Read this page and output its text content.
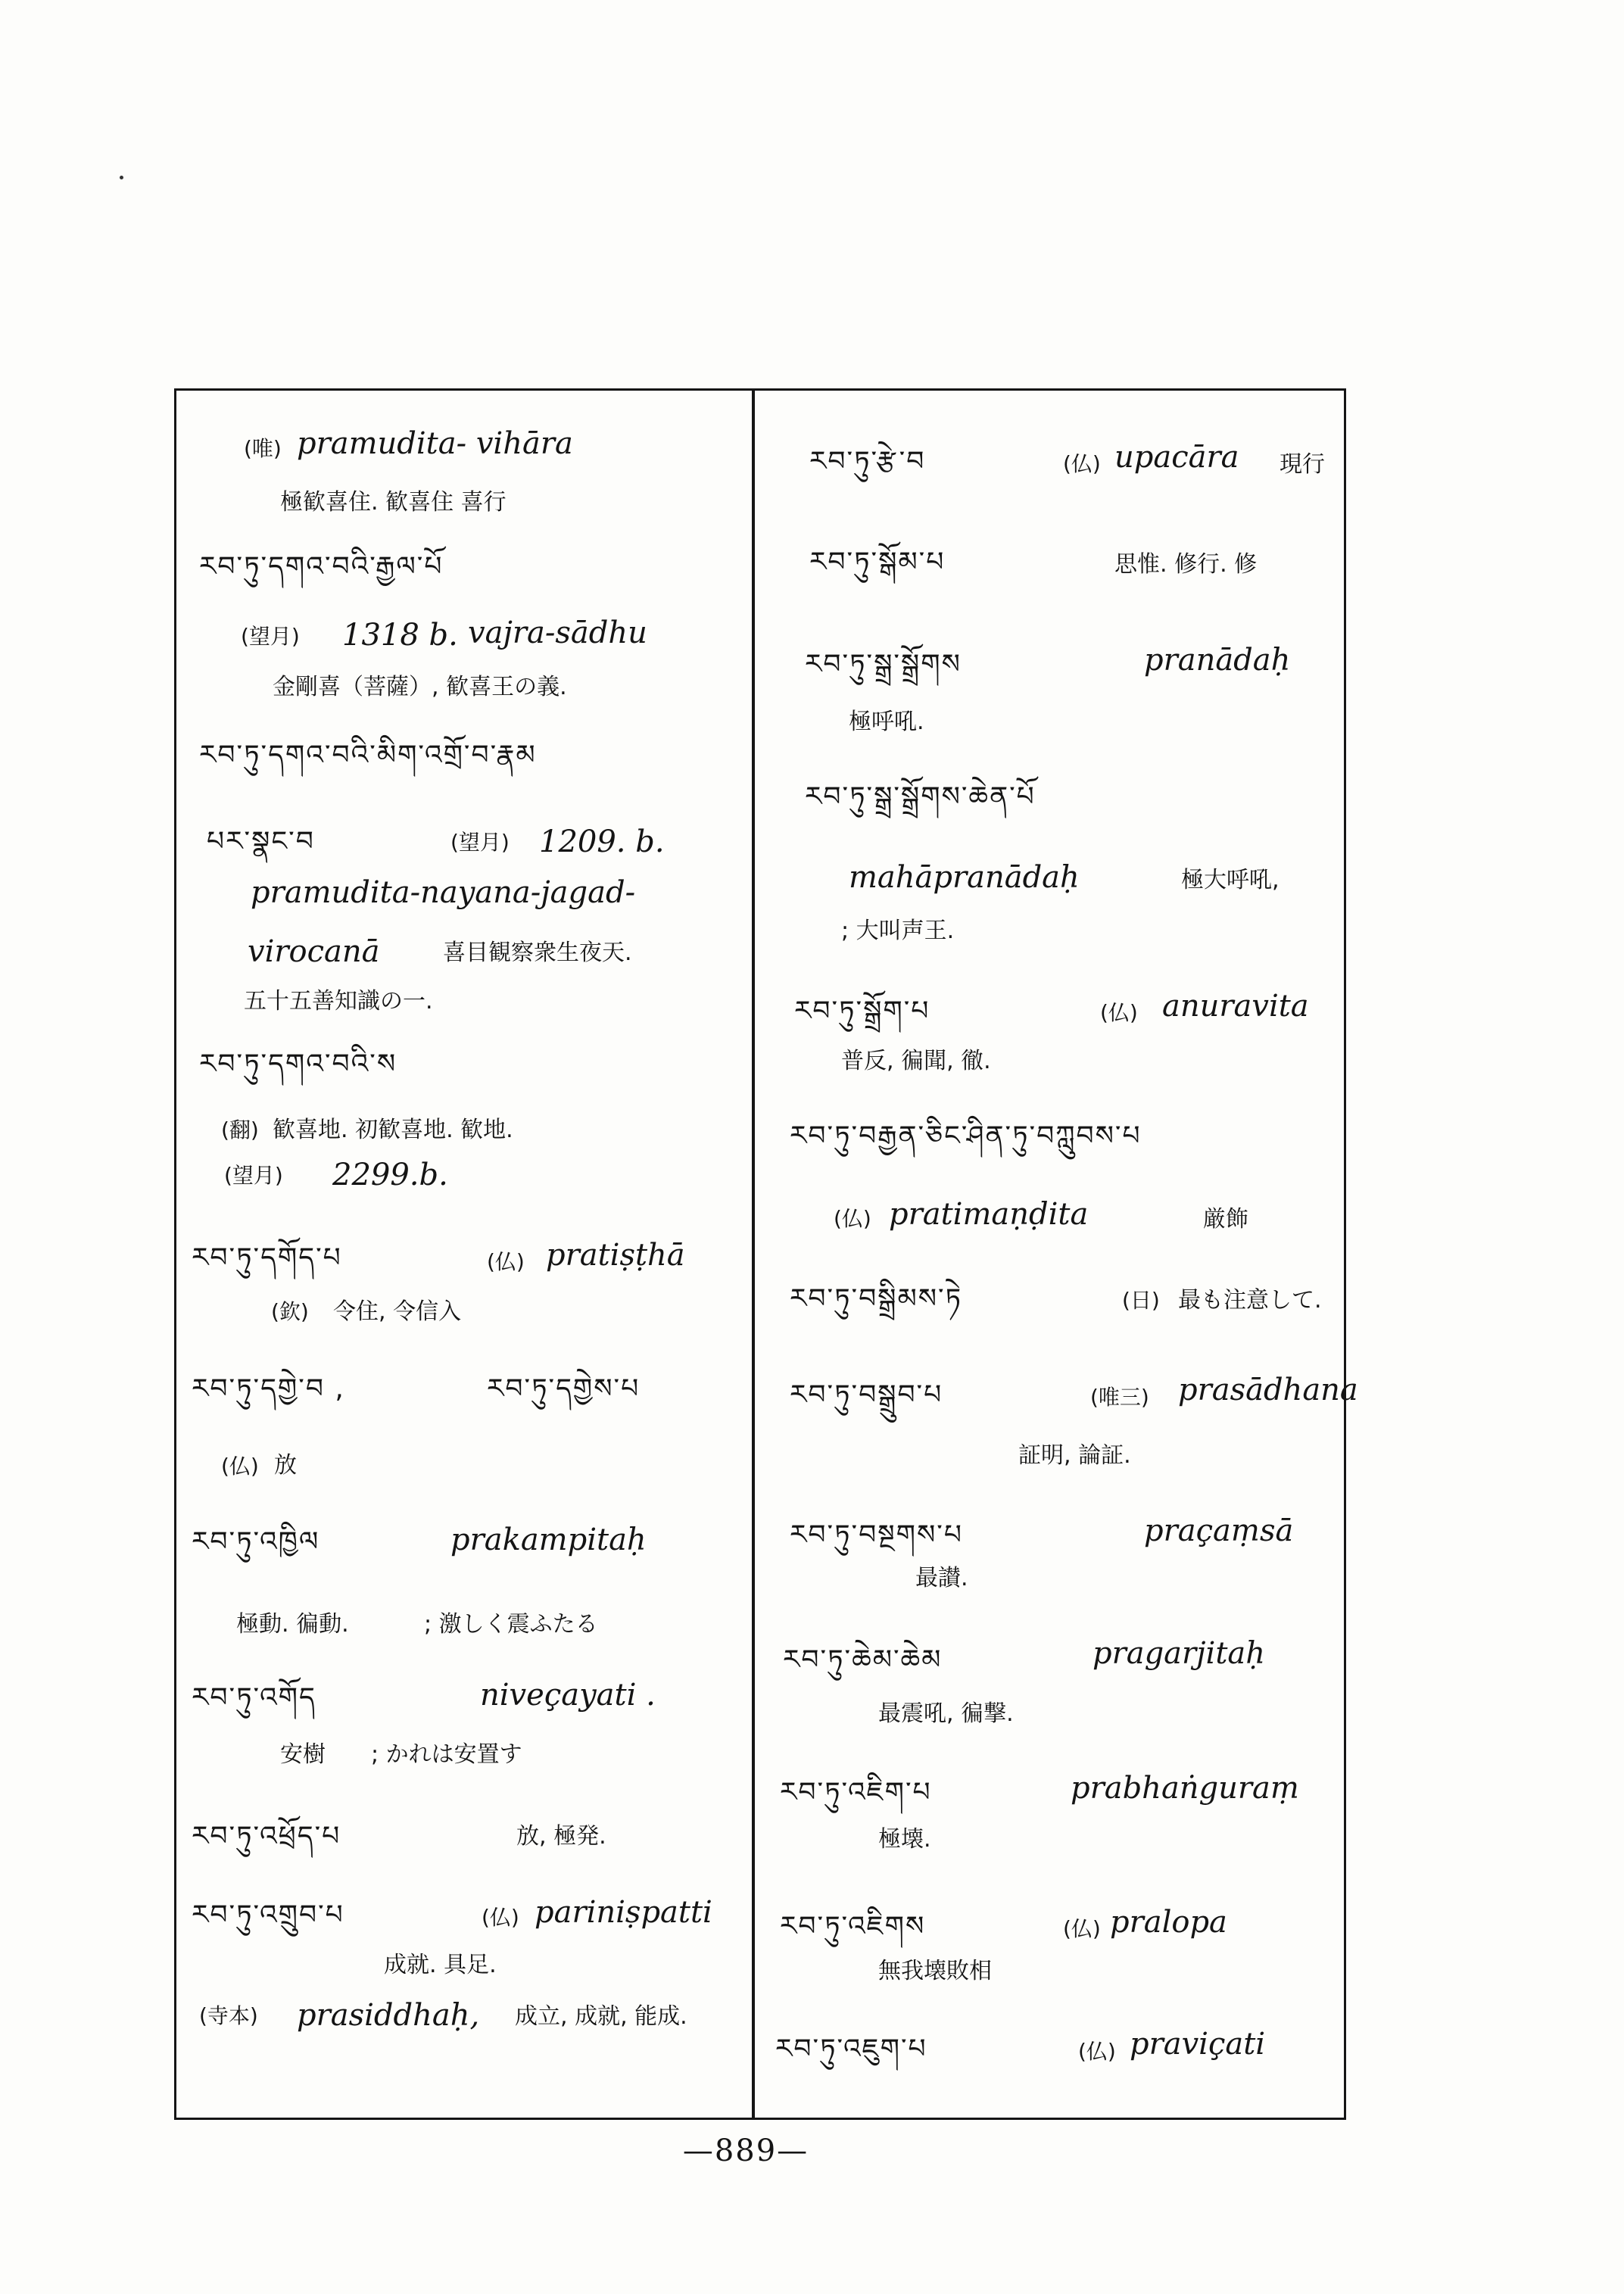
(唯) pramudita- vihāra
極歓喜住. 歓喜住 喜行
རབ་ཏུ་དགའ་བའི་རྒྱལ་པོ
(望月) 1318 b. vajra-sādhu
金剛喜（菩薩）, 歓喜王の義.
རབ་ཏུ་དགའ་བའི་མིག་འགྲོ་བ་རྣམ
པར་སྣང་བ	(望月) 1209. b.
pramudita-nayana-jagad-
virocanā	喜目観察衆生夜天.
五十五善知識の一.
རབ་ཏུ་དགའ་བའི་ས
(翻) 歓喜地. 初歓喜地. 歓地.
(望月) 2299.b.
རབ་ཏུ་དགོད་པ	(仏) pratiṣṭhā
(欽) 令住, 令信入
རབ་ཏུ་དགྱེ་བ ,	རབ་ཏུ་དགྱེས་པ
(仏) 放
རབ་ཏུ་འཁྱིལ	prakampitaḥ
極動. 徧動.	; 激しく震ふたる
རབ་ཏུ་འགོད	niveçayati .
安樹 ; かれは安置す
རབ་ཏུ་འཕྲོད་པ	放, 極発.
རབ་ཏུ་འགྲུབ་པ	(仏) pariniṣpatti
成就. 具足.
(寺本) prasiddhaḥ, 成立, 成就, 能成.
རབ་ཏུ་རྩེ་བ	(仏) upacāra 現行
རབ་ཏུ་སྒོམ་པ	思惟. 修行. 修
རབ་ཏུ་སྒྲ་སྒྲོགས	pranādaḥ
極呼吼.
རབ་ཏུ་སྒྲ་སྒྲོགས་ཆེན་པོ
mahāpranādaḥ	極大呼吼,
; 大叫声王.
རབ་ཏུ་སྒྲོག་པ	(仏) anuravita
普反, 徧聞, 徹.
རབ་ཏུ་བརྒྱན་ཅིང་ཤིན་ཏུ་བཀླུབས་པ
(仏) pratimaṇḍita	厳飾
རབ་ཏུ་བསྒྲིམས་ཏེ	(日) 最も注意して.
རབ་ཏུ་བསྒྲུབ་པ	(唯三) prasādhana
証明, 論証.
རབ་ཏུ་བསྔགས་པ	praçaṃsā
最讃.
རབ་ཏུ་ཆེམ་ཆེམ	pragarjitaḥ
最震吼, 徧撃.
རབ་ཏུ་འཇིག་པ	prabhaṅguraṃ
極壊.
རབ་ཏུ་འཇིགས	(仏) pralopa
無我壊敗相
རབ་ཏུ་འཇུག་པ	(仏) praviçati
—889—
